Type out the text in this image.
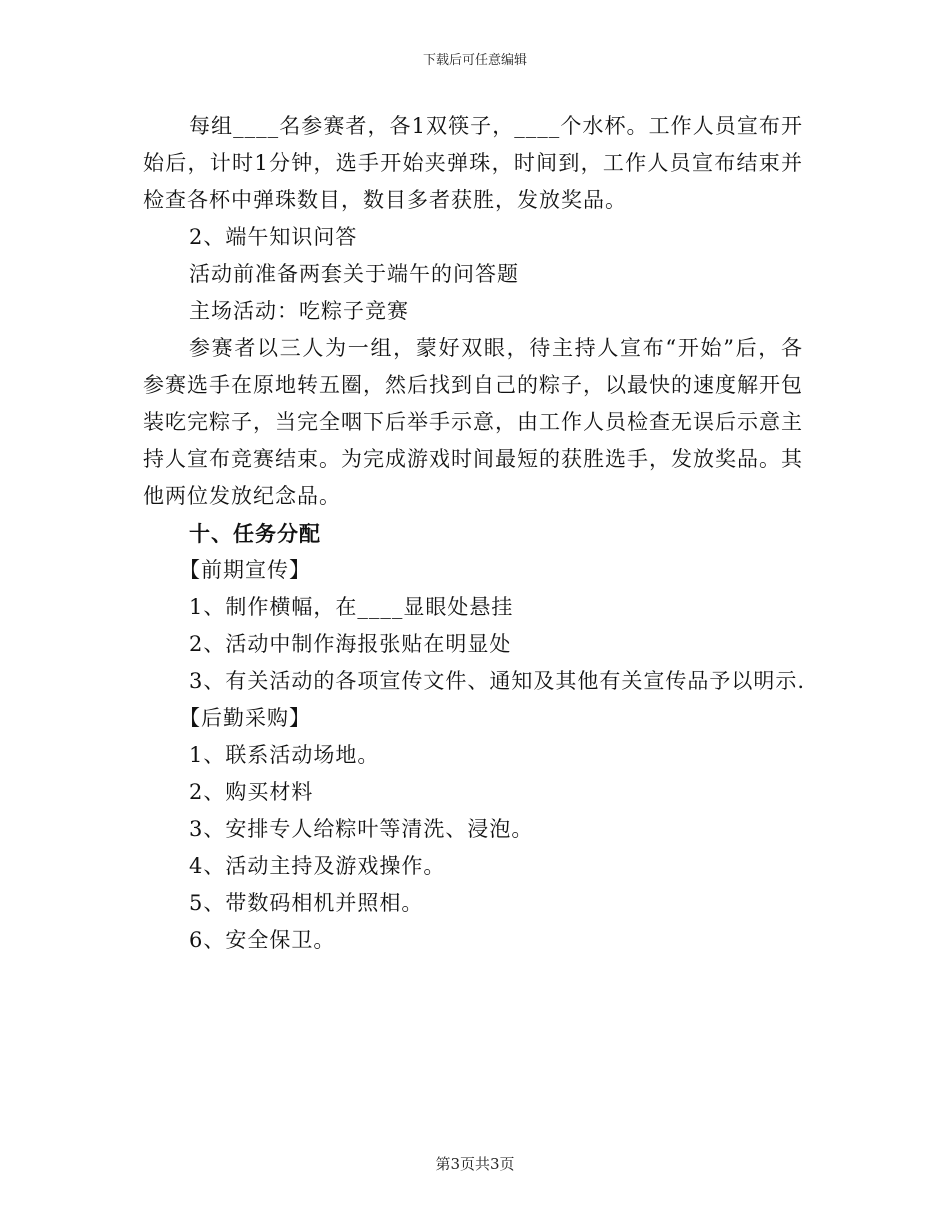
下载后可任意编辑

每组____名参赛者，各1双筷子，____个水杯。工作人员宣布开始后，计时1分钟，选手开始夹弹珠，时间到，工作人员宣布结束并检查各杯中弹珠数目，数目多者获胜，发放奖品。

2、端午知识问答

活动前准备两套关于端午的问答题

主场活动：吃粽子竞赛

参赛者以三人为一组，蒙好双眼，待主持人宣布“开始”后，各参赛选手在原地转五圈，然后找到自己的粽子，以最快的速度解开包装吃完粽子，当完全咽下后举手示意，由工作人员检查无误后示意主持人宣布竞赛结束。为完成游戏时间最短的获胜选手，发放奖品。其他两位发放纪念品。

十、任务分配

【前期宣传】

1、制作横幅，在____显眼处悬挂

2、活动中制作海报张贴在明显处

3、有关活动的各项宣传文件、通知及其他有关宣传品予以明示.

【后勤采购】

1、联系活动场地。

2、购买材料

3、安排专人给粽叶等清洗、浸泡。

4、活动主持及游戏操作。

5、带数码相机并照相。

6、安全保卫。

第3页共3页
